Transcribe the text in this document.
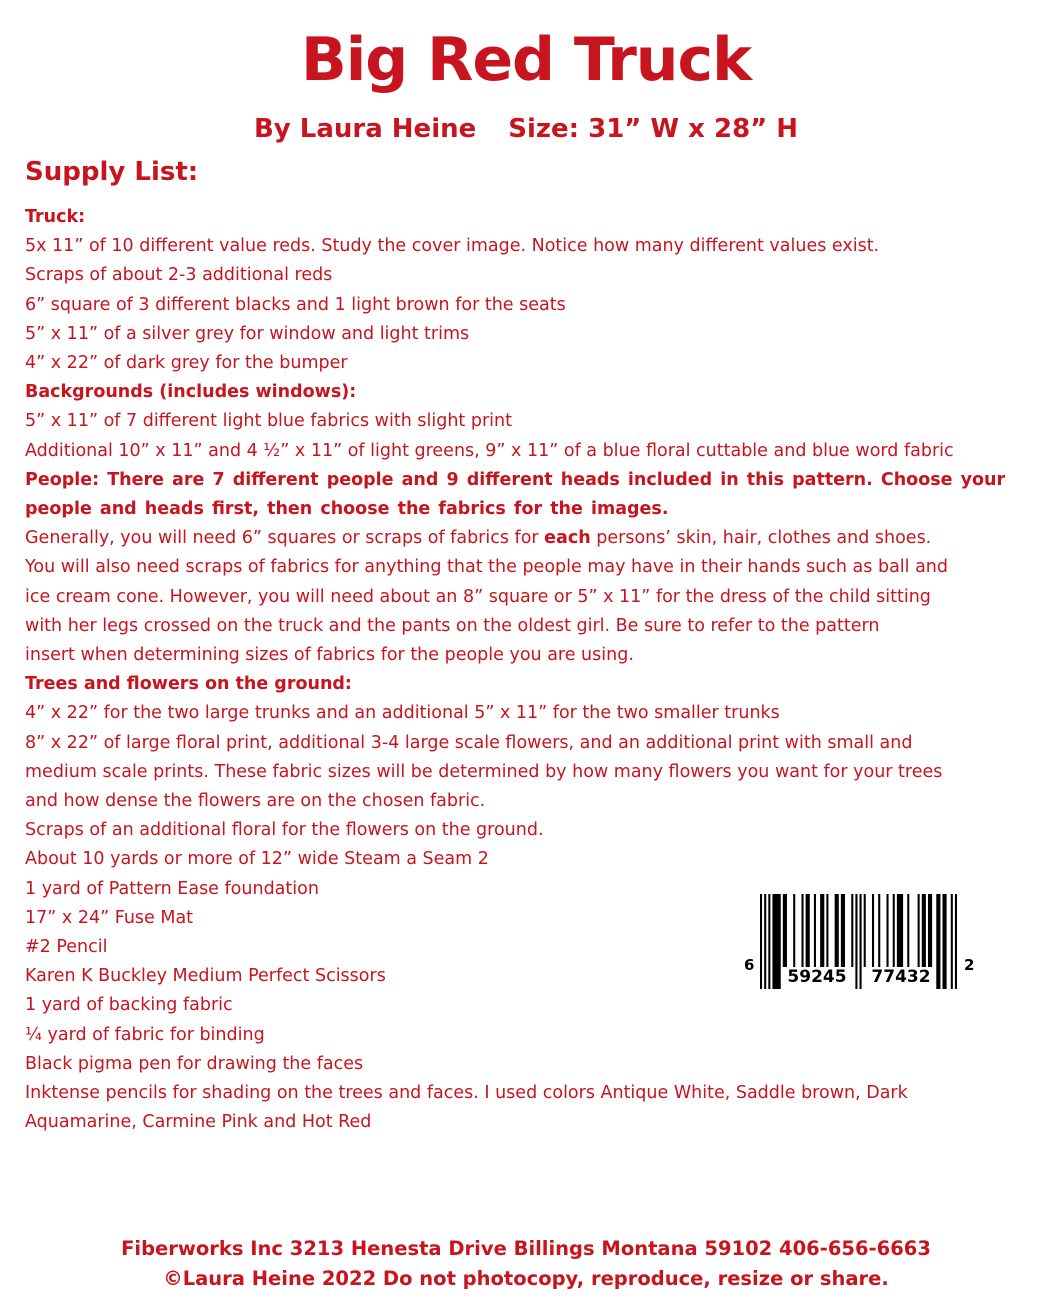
Big Red Truck
By Laura Heine Size: 31” W x 28” H
Supply List:
Truck:
5x 11” of 10 different value reds. Study the cover image. Notice how many different values exist.
Scraps of about 2-3 additional reds
6” square of 3 different blacks and 1 light brown for the seats
5” x 11” of a silver grey for window and light trims
4” x 22” of dark grey for the bumper
Backgrounds (includes windows):
5” x 11” of 7 different light blue fabrics with slight print
Additional 10” x 11” and 4 ½” x 11” of light greens, 9” x 11” of a blue floral cuttable and blue word fabric
People: There are 7 different people and 9 different heads included in this pattern. Choose your
people and heads first, then choose the fabrics for the images.
Generally, you will need 6” squares or scraps of fabrics for each persons’ skin, hair, clothes and shoes.
You will also need scraps of fabrics for anything that the people may have in their hands such as ball and
ice cream cone. However, you will need about an 8” square or 5” x 11” for the dress of the child sitting
with her legs crossed on the truck and the pants on the oldest girl. Be sure to refer to the pattern
insert when determining sizes of fabrics for the people you are using.
Trees and flowers on the ground:
4” x 22” for the two large trunks and an additional 5” x 11” for the two smaller trunks
8” x 22” of large floral print, additional 3-4 large scale flowers, and an additional print with small and
medium scale prints. These fabric sizes will be determined by how many flowers you want for your trees
and how dense the flowers are on the chosen fabric.
Scraps of an additional floral for the flowers on the ground.
About 10 yards or more of 12” wide Steam a Seam 2
1 yard of Pattern Ease foundation
17” x 24” Fuse Mat
#2 Pencil
Karen K Buckley Medium Perfect Scissors
1 yard of backing fabric
¼ yard of fabric for binding
Black pigma pen for drawing the faces
Inktense pencils for shading on the trees and faces. I used colors Antique White, Saddle brown, Dark
Aquamarine, Carmine Pink and Hot Red
6
59245	77432
2
Fiberworks Inc 3213 Henesta Drive Billings Montana 59102 406-656-6663
©Laura Heine 2022 Do not photocopy, reproduce, resize or share.
